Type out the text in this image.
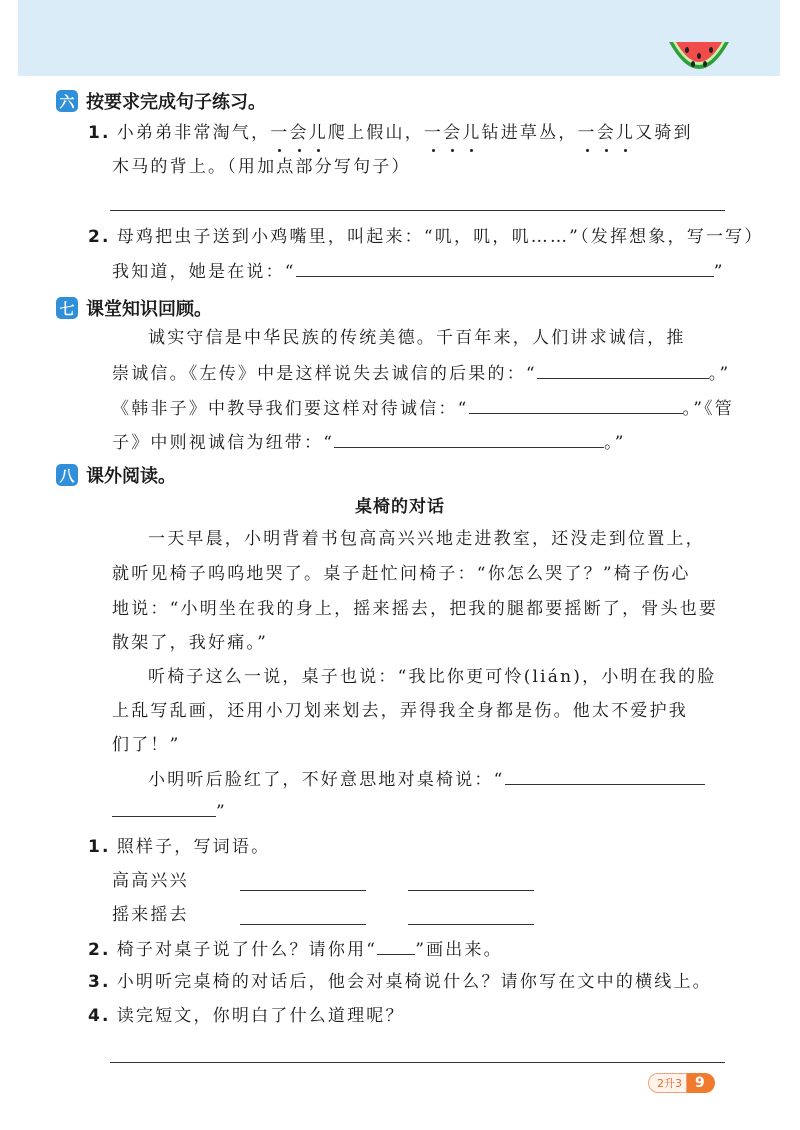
六 按要求完成句子练习。
1. 小弟弟非常淘气，一会儿爬上假山，一会儿钻进草丛，一会儿又骑到
木马的背上。（用加点部分写句子）
2. 母鸡把虫子送到小鸡嘴里，叫起来：“叽，叽，叽……”（发挥想象，写一写）
我知道，她是在说：“	”
七 课堂知识回顾。
诚实守信是中华民族的传统美德。千百年来，人们讲求诚信，推
崇诚信。《左传》中是这样说失去诚信的后果的：“	。”
《韩非子》中教导我们要这样对待诚信：“	。”《管
子》中则视诚信为纽带：“	。”
八 课外阅读。
桌椅的对话
一天早晨，小明背着书包高高兴兴地走进教室，还没走到位置上，
就听见椅子呜呜地哭了。桌子赶忙问椅子：“你怎么哭了？”椅子伤心
地说：“小明坐在我的身上，摇来摇去，把我的腿都要摇断了，骨头也要
散架了，我好痛。”
听椅子这么一说，桌子也说：“我比你更可怜(lián)，小明在我的脸
上乱写乱画，还用小刀划来划去，弄得我全身都是伤。他太不爱护我
们了！”
小明听后脸红了，不好意思地对桌椅说：“
”
1. 照样子，写词语。
高高兴兴
摇来摇去
2. 椅子对桌子说了什么？请你用“ ”画出来。
3. 小明听完桌椅的对话后，他会对桌椅说什么？请你写在文中的横线上。
4. 读完短文，你明白了什么道理呢？
2升3 9
